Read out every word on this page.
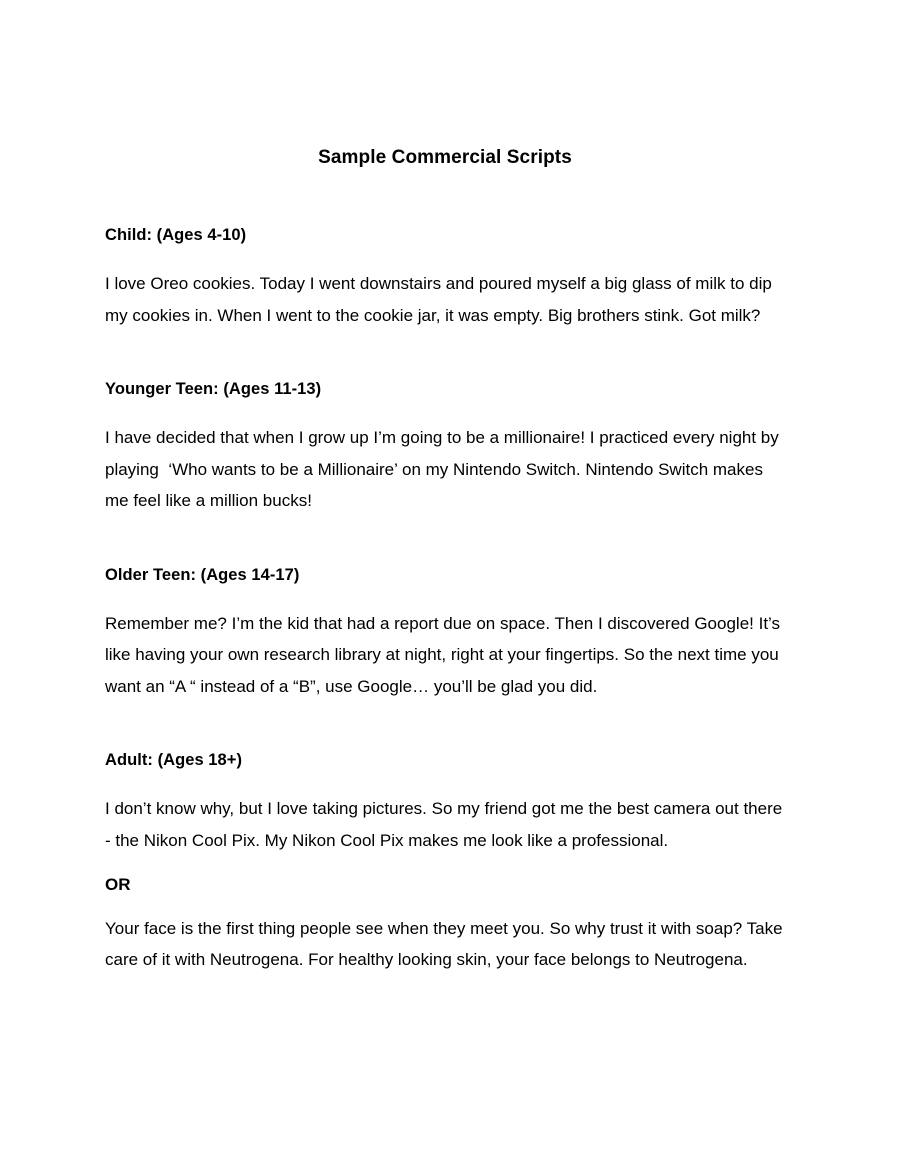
Sample Commercial Scripts
Child: (Ages 4-10)

I love Oreo cookies. Today I went downstairs and poured myself a big glass of milk to dip my cookies in. When I went to the cookie jar, it was empty. Big brothers stink. Got milk?

Younger Teen: (Ages 11-13)

I have decided that when I grow up I’m going to be a millionaire! I practiced every night by playing  ‘Who wants to be a Millionaire’ on my Nintendo Switch. Nintendo Switch makes me feel like a million bucks!

Older Teen: (Ages 14-17)

Remember me? I’m the kid that had a report due on space. Then I discovered Google! It’s like having your own research library at night, right at your fingertips. So the next time you want an “A “ instead of a “B”, use Google… you’ll be glad you did.

Adult: (Ages 18+)

I don’t know why, but I love taking pictures. So my friend got me the best camera out there - the Nikon Cool Pix. My Nikon Cool Pix makes me look like a professional.

OR

Your face is the first thing people see when they meet you. So why trust it with soap? Take care of it with Neutrogena. For healthy looking skin, your face belongs to Neutrogena.
